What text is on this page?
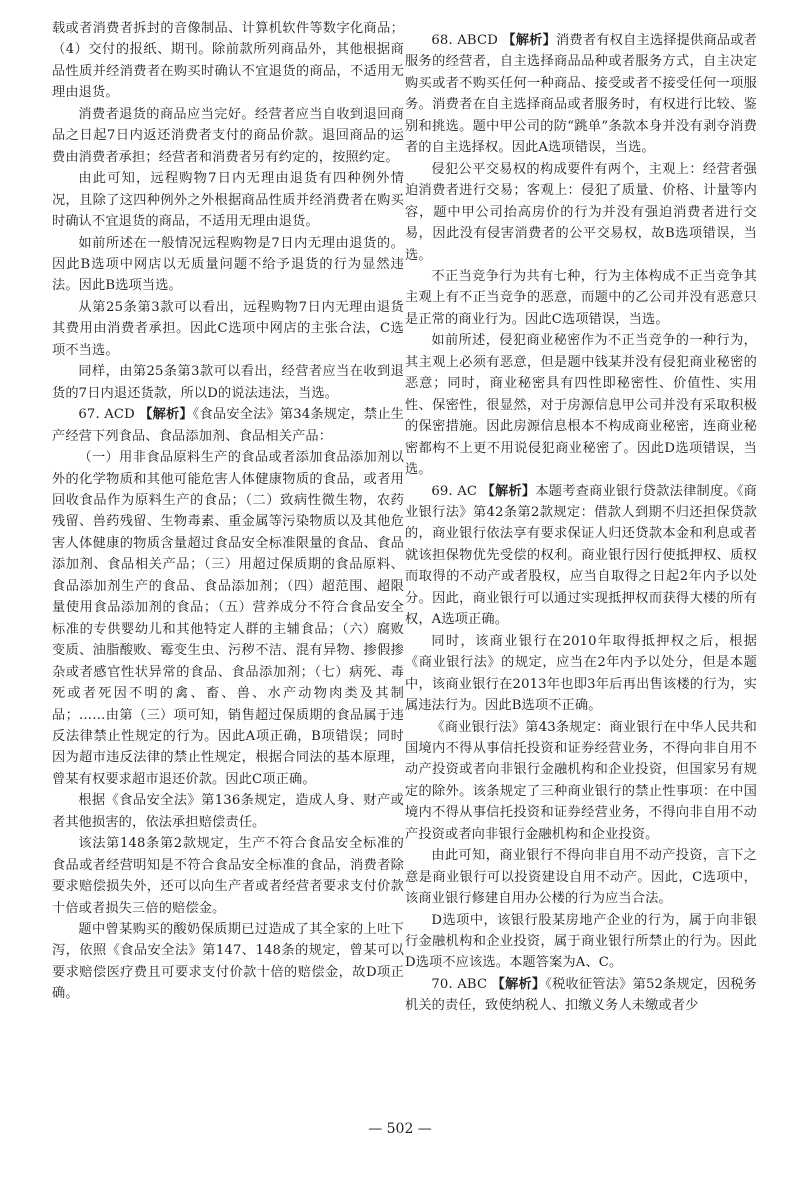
载或者消费者拆封的音像制品、计算机软件等数字化商品；（4）交付的报纸、期刊。除前款所列商品外，其他根据商品性质并经消费者在购买时确认不宜退货的商品，不适用无理由退货。

消费者退货的商品应当完好。经营者应当自收到退回商品之日起7日内返还消费者支付的商品价款。退回商品的运费由消费者承担；经营者和消费者另有约定的，按照约定。

由此可知，远程购物7日内无理由退货有四种例外情况，且除了这四种例外之外根据商品性质并经消费者在购买时确认不宜退货的商品，不适用无理由退货。

如前所述在一般情况远程购物是7日内无理由退货的。因此B选项中网店以无质量问题不给予退货的行为显然违法。因此B选项当选。

从第25条第3款可以看出，远程购物7日内无理由退货其费用由消费者承担。因此C选项中网店的主张合法，C选项不当选。

同样，由第25条第3款可以看出，经营者应当在收到退货的7日内退还货款，所以D的说法违法，当选。

67. ACD 【解析】《食品安全法》第34条规定，禁止生产经营下列食品、食品添加剂、食品相关产品：

（一）用非食品原料生产的食品或者添加食品添加剂以外的化学物质和其他可能危害人体健康物质的食品，或者用回收食品作为原料生产的食品；（二）致病性微生物，农药残留、兽药残留、生物毒素、重金属等污染物质以及其他危害人体健康的物质含量超过食品安全标准限量的食品、食品添加剂、食品相关产品；（三）用超过保质期的食品原料、食品添加剂生产的食品、食品添加剂；（四）超范围、超限量使用食品添加剂的食品；（五）营养成分不符合食品安全标准的专供婴幼儿和其他特定人群的主辅食品；（六）腐败变质、油脂酸败、霉变生虫、污秽不洁、混有异物、掺假掺杂或者感官性状异常的食品、食品添加剂；（七）病死、毒死或者死因不明的禽、畜、兽、水产动物肉类及其制品；……由第（三）项可知，销售超过保质期的食品属于违反法律禁止性规定的行为。因此A项正确，B项错误；同时因为超市违反法律的禁止性规定，根据合同法的基本原理，曾某有权要求超市退还价款。因此C项正确。

根据《食品安全法》第136条规定，造成人身、财产或者其他损害的，依法承担赔偿责任。

该法第148条第2款规定，生产不符合食品安全标准的食品或者经营明知是不符合食品安全标准的食品，消费者除要求赔偿损失外，还可以向生产者或者经营者要求支付价款十倍或者损失三倍的赔偿金。

题中曾某购买的酸奶保质期已过造成了其全家的上吐下泻，依照《食品安全法》第147、148条的规定，曾某可以要求赔偿医疗费且可要求支付价款十倍的赔偿金，故D项正确。

68. ABCD 【解析】消费者有权自主选择提供商品或者服务的经营者，自主选择商品品种或者服务方式，自主决定购买或者不购买任何一种商品、接受或者不接受任何一项服务。消费者在自主选择商品或者服务时，有权进行比较、鉴别和挑选。题中甲公司的防“跳单”条款本身并没有剥夺消费者的自主选择权。因此A选项错误，当选。

侵犯公平交易权的构成要件有两个，主观上：经营者强迫消费者进行交易；客观上：侵犯了质量、价格、计量等内容，题中甲公司抬高房价的行为并没有强迫消费者进行交易，因此没有侵害消费者的公平交易权，故B选项错误，当选。

不正当竞争行为共有七种，行为主体构成不正当竞争其主观上有不正当竞争的恶意，而题中的乙公司并没有恶意只是正常的商业行为。因此C选项错误，当选。

如前所述，侵犯商业秘密作为不正当竞争的一种行为，其主观上必须有恶意，但是题中钱某并没有侵犯商业秘密的恶意；同时，商业秘密具有四性即秘密性、价值性、实用性、保密性，很显然，对于房源信息甲公司并没有采取积极的保密措施。因此房源信息根本不构成商业秘密，连商业秘密都构不上更不用说侵犯商业秘密了。因此D选项错误，当选。

69. AC 【解析】本题考查商业银行贷款法律制度。《商业银行法》第42条第2款规定：借款人到期不归还担保贷款的，商业银行依法享有要求保证人归还贷款本金和利息或者就该担保物优先受偿的权利。商业银行因行使抵押权、质权而取得的不动产或者股权，应当自取得之日起2年内予以处分。因此，商业银行可以通过实现抵押权而获得大楼的所有权，A选项正确。

同时，该商业银行在2010年取得抵押权之后，根据《商业银行法》的规定，应当在2年内予以处分，但是本题中，该商业银行在2013年也即3年后再出售该楼的行为，实属违法行为。因此B选项不正确。

《商业银行法》第43条规定：商业银行在中华人民共和国境内不得从事信托投资和证券经营业务，不得向非自用不动产投资或者向非银行金融机构和企业投资，但国家另有规定的除外。该条规定了三种商业银行的禁止性事项：在中国境内不得从事信托投资和证券经营业务，不得向非自用不动产投资或者向非银行金融机构和企业投资。

由此可知，商业银行不得向非自用不动产投资，言下之意是商业银行可以投资建设自用不动产。因此，C选项中，该商业银行修建自用办公楼的行为应当合法。

D选项中，该银行股某房地产企业的行为，属于向非银行金融机构和企业投资，属于商业银行所禁止的行为。因此D选项不应该选。本题答案为A、C。

70. ABC 【解析】《税收征管法》第52条规定，因税务机关的责任，致使纳税人、扣缴义务人未缴或者少

— 502 —
